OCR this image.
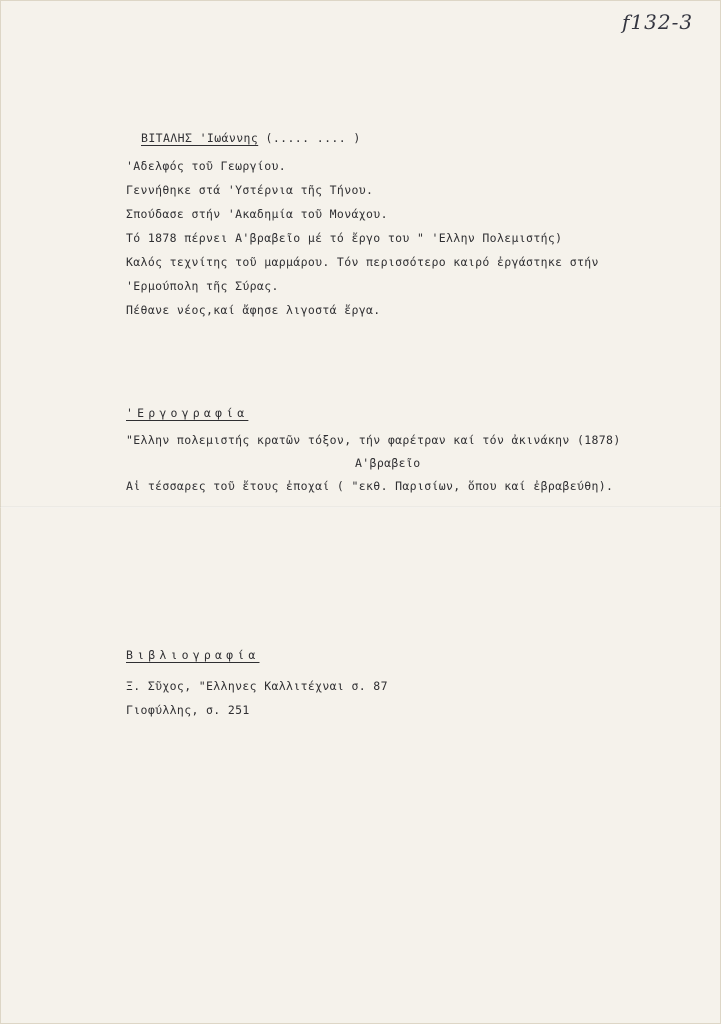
f132-3
ΒΙΤΑΛΗΣ 'Ιωάννης (..... .... )
'Αδελφός τοῦ Γεωργίου.
Γεννήθηκε στά 'Υστέρνια τῆς Τήνου.
Σπούδασε στήν 'Ακαδημία τοῦ Μονάχου.
Τό 1878 πέρνει Α'βραβεῖο μέ τό ἔργο του " 'Ελλην Πολεμιστής)
Καλός τεχνίτης τοῦ μαρμάρου. Τόν περισσότερο καιρό ἐργάστηκε στήν
'Ερμούπολη τῆς Σύρας.
Πέθανε νέος,καί ἄφησε λιγοστά ἔργα.
'Εργογραφία
"Ελλην πολεμιστής κρατῶν τόξον, τήν φαρέτραν καί τόν ἀκινάκην (1878)
Α'βραβεῖο
Αἱ τέσσαρες τοῦ ἔτους ἐποχαί ( "εκθ. Παρισίων, ὅπου καί ἐβραβεύθη).
Βιβλιογραφία
Ξ. Σῦχος, "Ελληνες Καλλιτέχναι σ. 87
Γιοφύλλης, σ. 251
